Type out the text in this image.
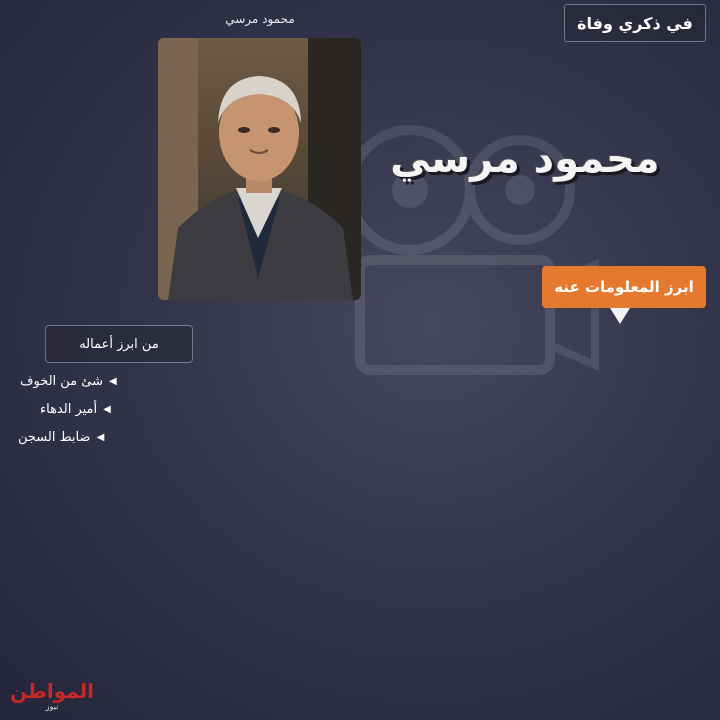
في ذكري وفاة
محمود مرسي
محمود مرسي
ابرز المعلومات عنه
من ابرز أعماله
◀
شئ من الخوف
◀
أمير الدهاء
◀
ضابط السجن
المواطن
نيوز
